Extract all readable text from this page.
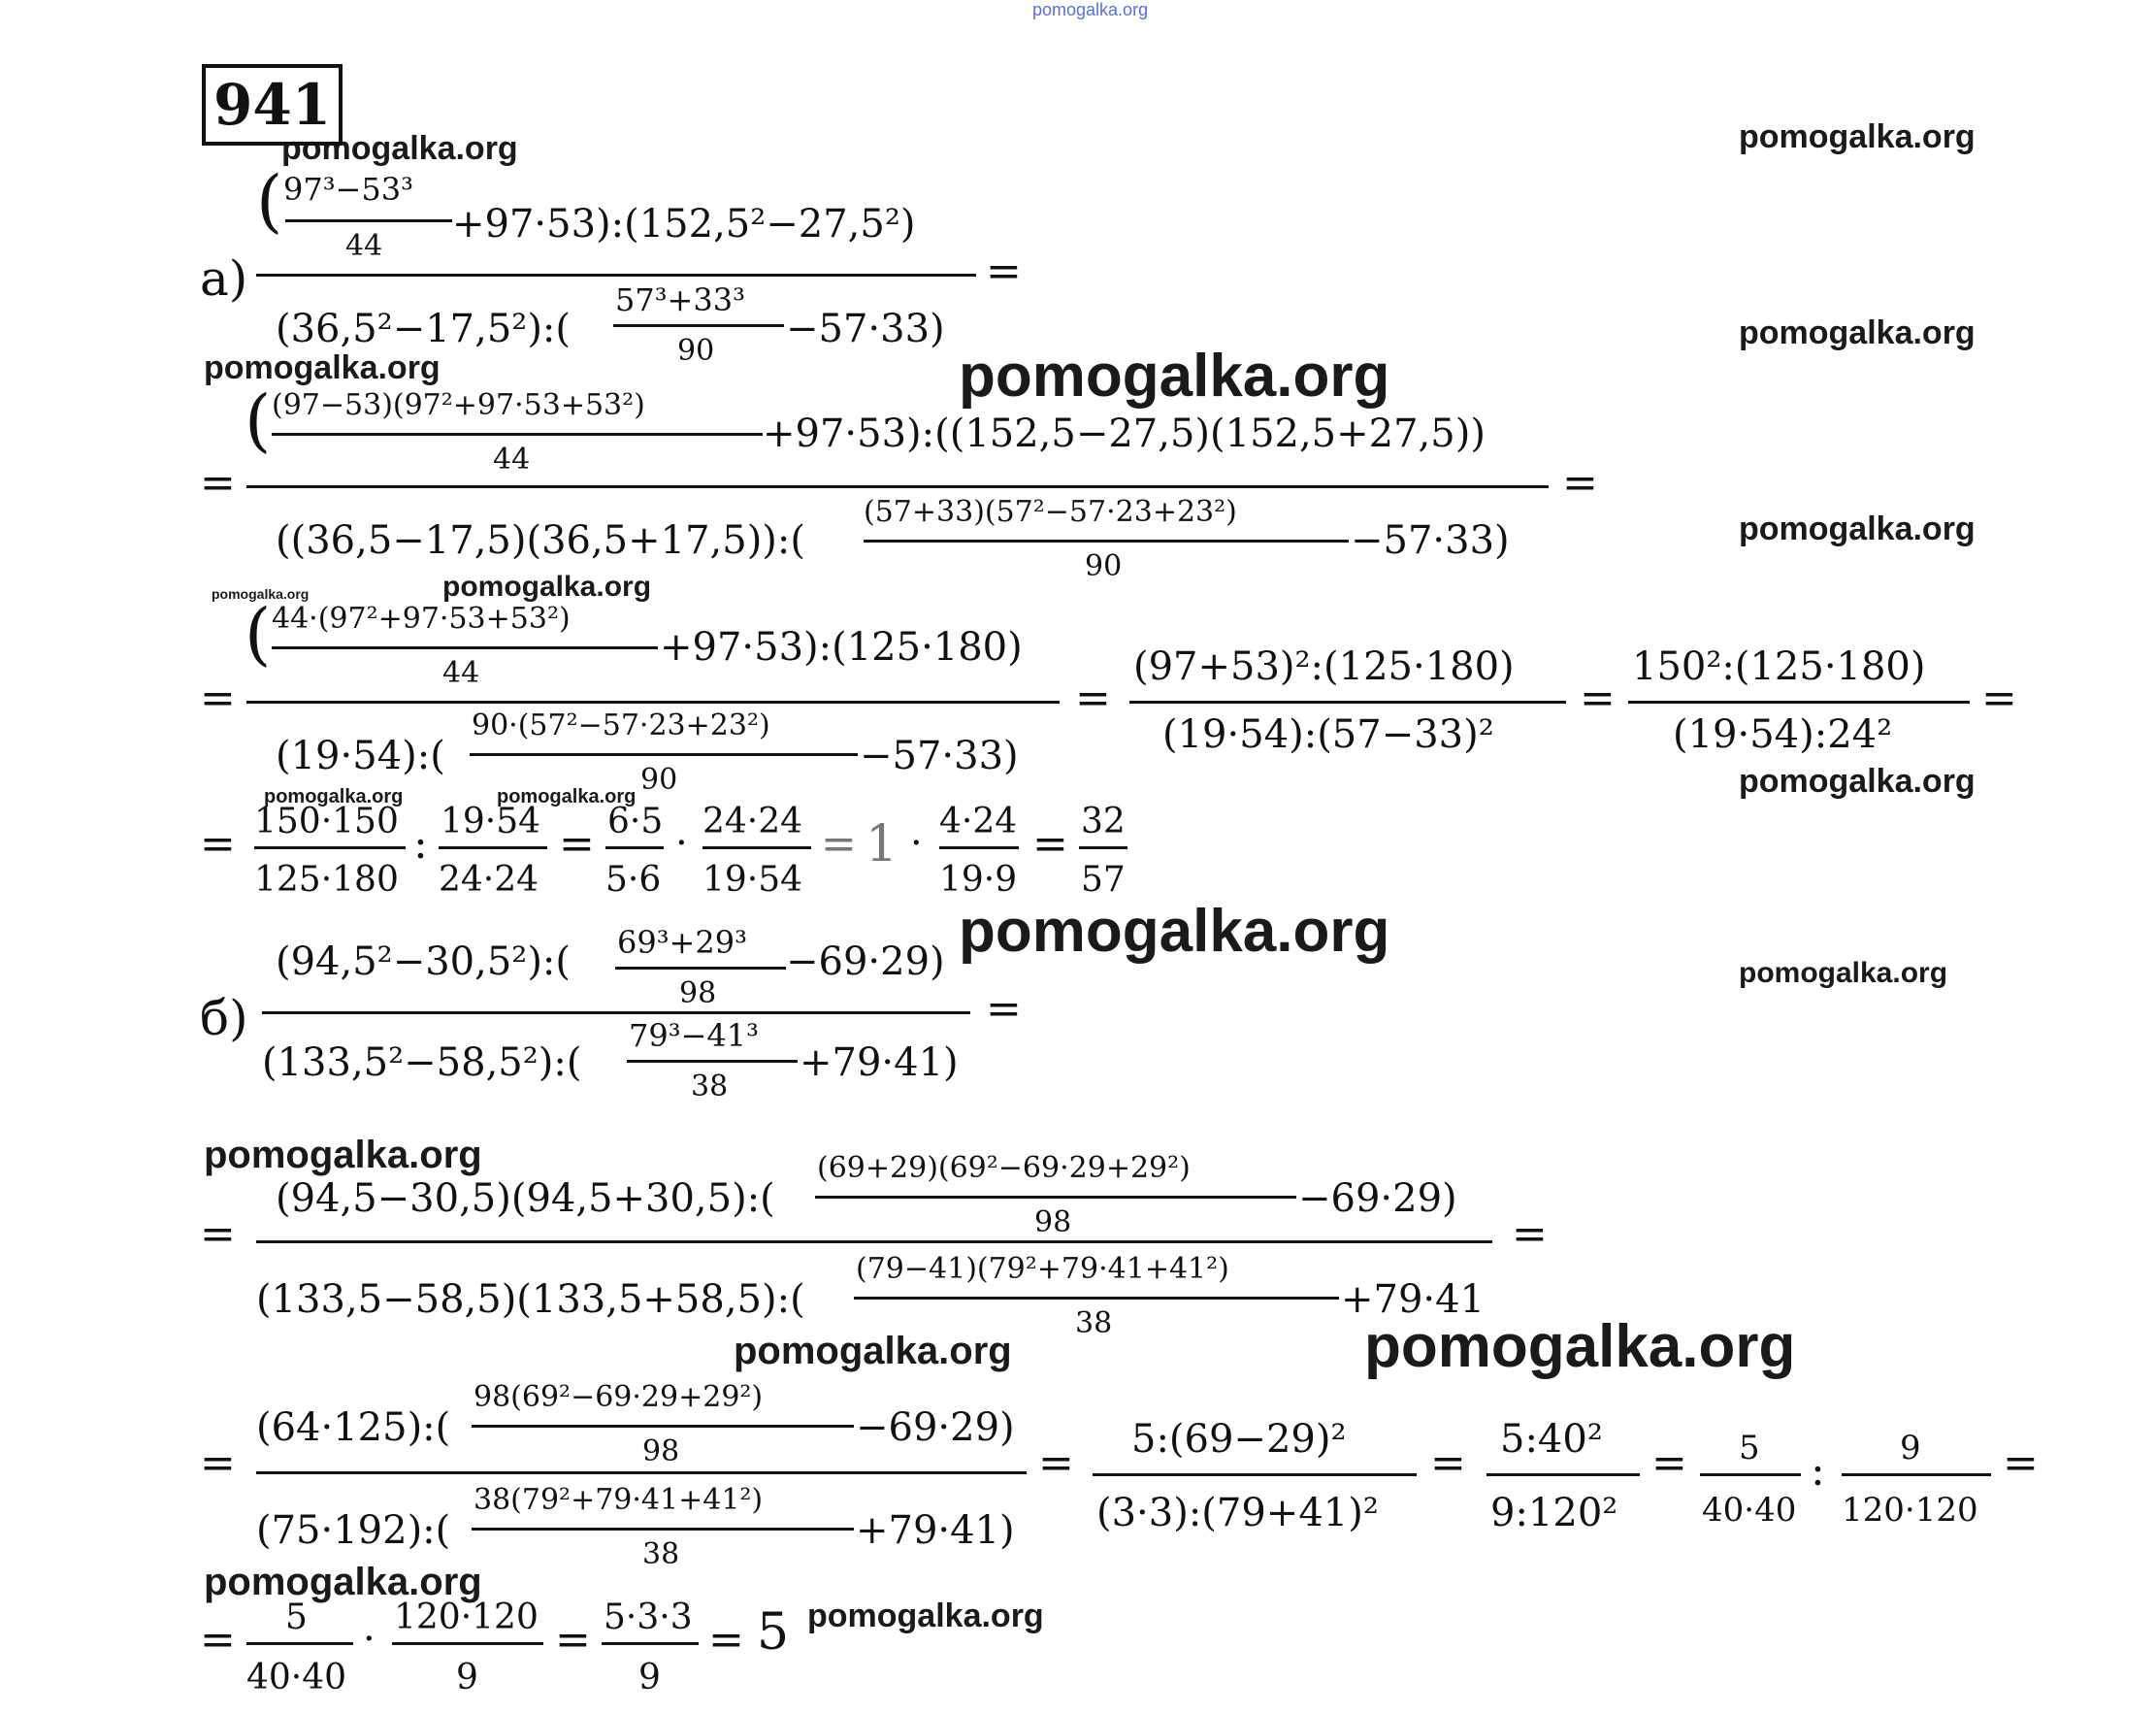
pomogalka.org
pomogalka.org	pomogalka.org
pomogalka.org
pomogalka.org	pomogalka.org
pomogalka.org
pomogalka.org	pomogalka.org
pomogalka.org
pomogalka.org	pomogalka.org
pomogalka.org
pomogalka.org
pomogalka.org
pomogalka.org	pomogalka.org
pomogalka.org
pomogalka.org
941
а)
( 97³−53³
44 +97·53):(152,5²−27,5²)
(36,5²−17,5²):(
57³+33³
90 −57·33)
=
=
( (97−53)(97²+97·53+53²)
44
+97·53):((152,5−27,5)(152,5+27,5))
((36,5−17,5)(36,5+17,5)):(
(57+33)(57²−57·23+23²)
90
−57·33)
=
=
( 44·(97²+97·53+53²)
44
+97·53):(125·180)
(19·54):(
90·(57²−57·23+23²)
90
−57·33)
=
(97+53)²:(125·180)
(19·54):(57−33)²
=
150²:(125·180)
(19·54):24²
=
= 150·150
125·180
: 19·54
24·24
= 6·5
5·6
· 24·24
19·54
= 1 · 4·24
19·9
= 32
57
б)
(94,5²−30,5²):( 69³+29³
98
−69·29)
(133,5²−58,5²):(
79³−41³
38
+79·41)
=
=
(94,5−30,5)(94,5+30,5):(
(69+29)(69²−69·29+29²)
98
−69·29)
(133,5−58,5)(133,5+58,5):(
(79−41)(79²+79·41+41²)
38
+79·41
=
=
(64·125):(
98(69²−69·29+29²)
98
−69·29)
(75·192):(
38(79²+79·41+41²)
38
+79·41)
= 5:(69−29)²
(3·3):(79+41)²
= 5:40²
9:120²
= 5
40·40
: 9
120·120
=
= 5
40·40
· 120·120
9
= 5·3·3
9
= 5
